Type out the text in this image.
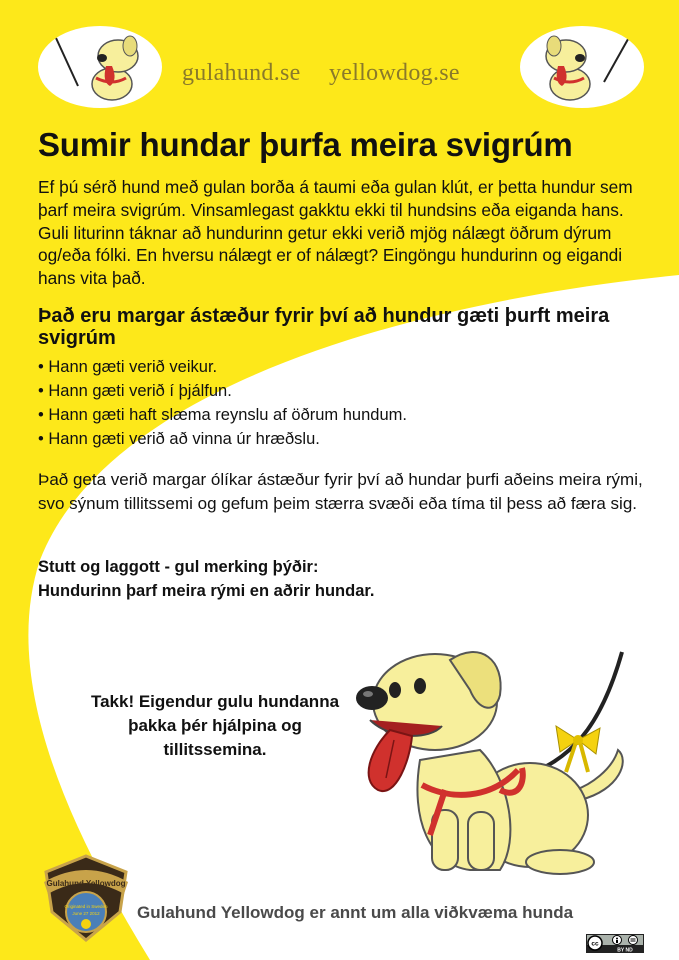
gulahund.se yellowdog.se
Sumir hundar þurfa meira svigrúm

Ef þú sérð hund með gulan borða á taumi eða gulan klút, er þetta hundur sem þarf meira svigrúm. Vinsamlegast gakktu ekki til hundsins eða eiganda hans. Guli liturinn táknar að hundurinn getur ekki verið mjög nálægt öðrum dýrum og/eða fólki. En hversu nálægt er of nálægt? Eingöngu hundurinn og eigandi hans vita það.

Það eru margar ástæður fyrir því að hundur gæti þurft meira svigrúm
• Hann gæti verið veikur.
• Hann gæti verið í þjálfun.
• Hann gæti haft slæma reynslu af öðrum hundum.
• Hann gæti verið að vinna úr hræðslu.

Það geta verið margar ólíkar ástæður fyrir því að hundar þurfi aðeins meira rými, svo sýnum tillitssemi og gefum þeim stærra svæði eða tíma til þess að færa sig.

Stutt og laggott - gul merking þýðir:
Hundurinn þarf meira rými en aðrir hundar.

Takk! Eigendur gulu hundanna þakka þér hjálpina og tillitssemina.

Gulahund Yellowdog
Originated in Sweden
June 27 2012 Gulahund Yellowdog er annt um alla viðkvæma hunda

cc
BY ND
